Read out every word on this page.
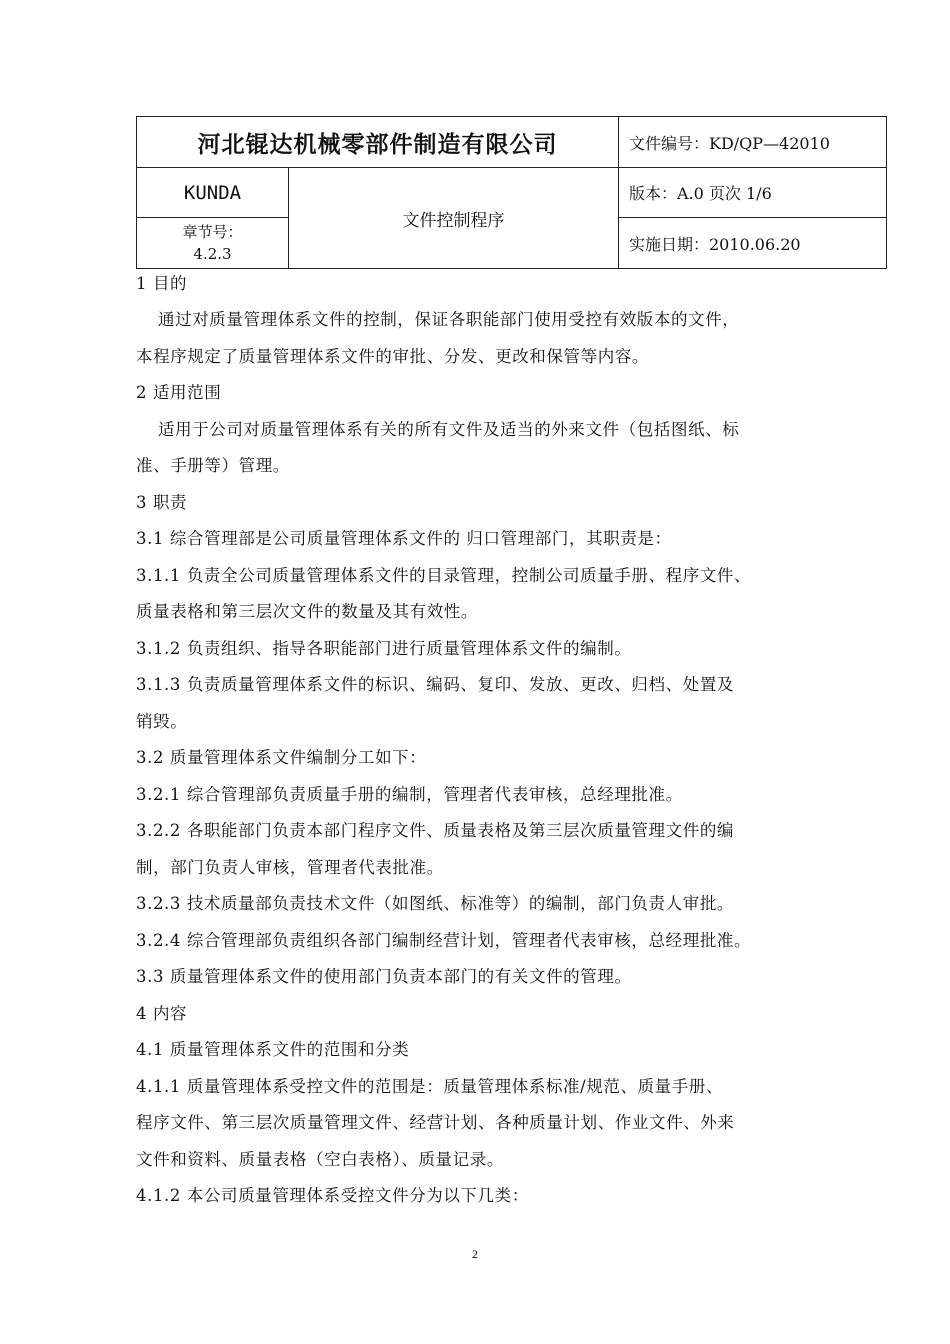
河北锟达机械零部件制造有限公司		文件编号：KD/QP—42010
KUNDA	文件控制程序	版本：A.0 页次 1/6

章节号：
4.2.3		实施日期：2010.06.20
1 目的
通过对质量管理体系文件的控制，保证各职能部门使用受控有效版本的文件，
本程序规定了质量管理体系文件的审批、分发、更改和保管等内容。
2 适用范围
适用于公司对质量管理体系有关的所有文件及适当的外来文件（包括图纸、标
准、手册等）管理。
3 职责
3.1 综合管理部是公司质量管理体系文件的 归口管理部门，其职责是：
3.1.1 负责全公司质量管理体系文件的目录管理，控制公司质量手册、程序文件、
质量表格和第三层次文件的数量及其有效性。
3.1.2 负责组织、指导各职能部门进行质量管理体系文件的编制。
3.1.3 负责质量管理体系文件的标识、编码、复印、发放、更改、归档、处置及
销毁。
3.2 质量管理体系文件编制分工如下：
3.2.1 综合管理部负责质量手册的编制，管理者代表审核，总经理批准。
3.2.2 各职能部门负责本部门程序文件、质量表格及第三层次质量管理文件的编
制，部门负责人审核，管理者代表批准。
3.2.3 技术质量部负责技术文件（如图纸、标准等）的编制，部门负责人审批。
3.2.4 综合管理部负责组织各部门编制经营计划，管理者代表审核，总经理批准。
3.3 质量管理体系文件的使用部门负责本部门的有关文件的管理。
4 内容
4.1 质量管理体系文件的范围和分类
4.1.1 质量管理体系受控文件的范围是：质量管理体系标准/规范、质量手册、
程序文件、第三层次质量管理文件、经营计划、各种质量计划、作业文件、外来
文件和资料、质量表格（空白表格）、质量记录。
4.1.2 本公司质量管理体系受控文件分为以下几类：
2
